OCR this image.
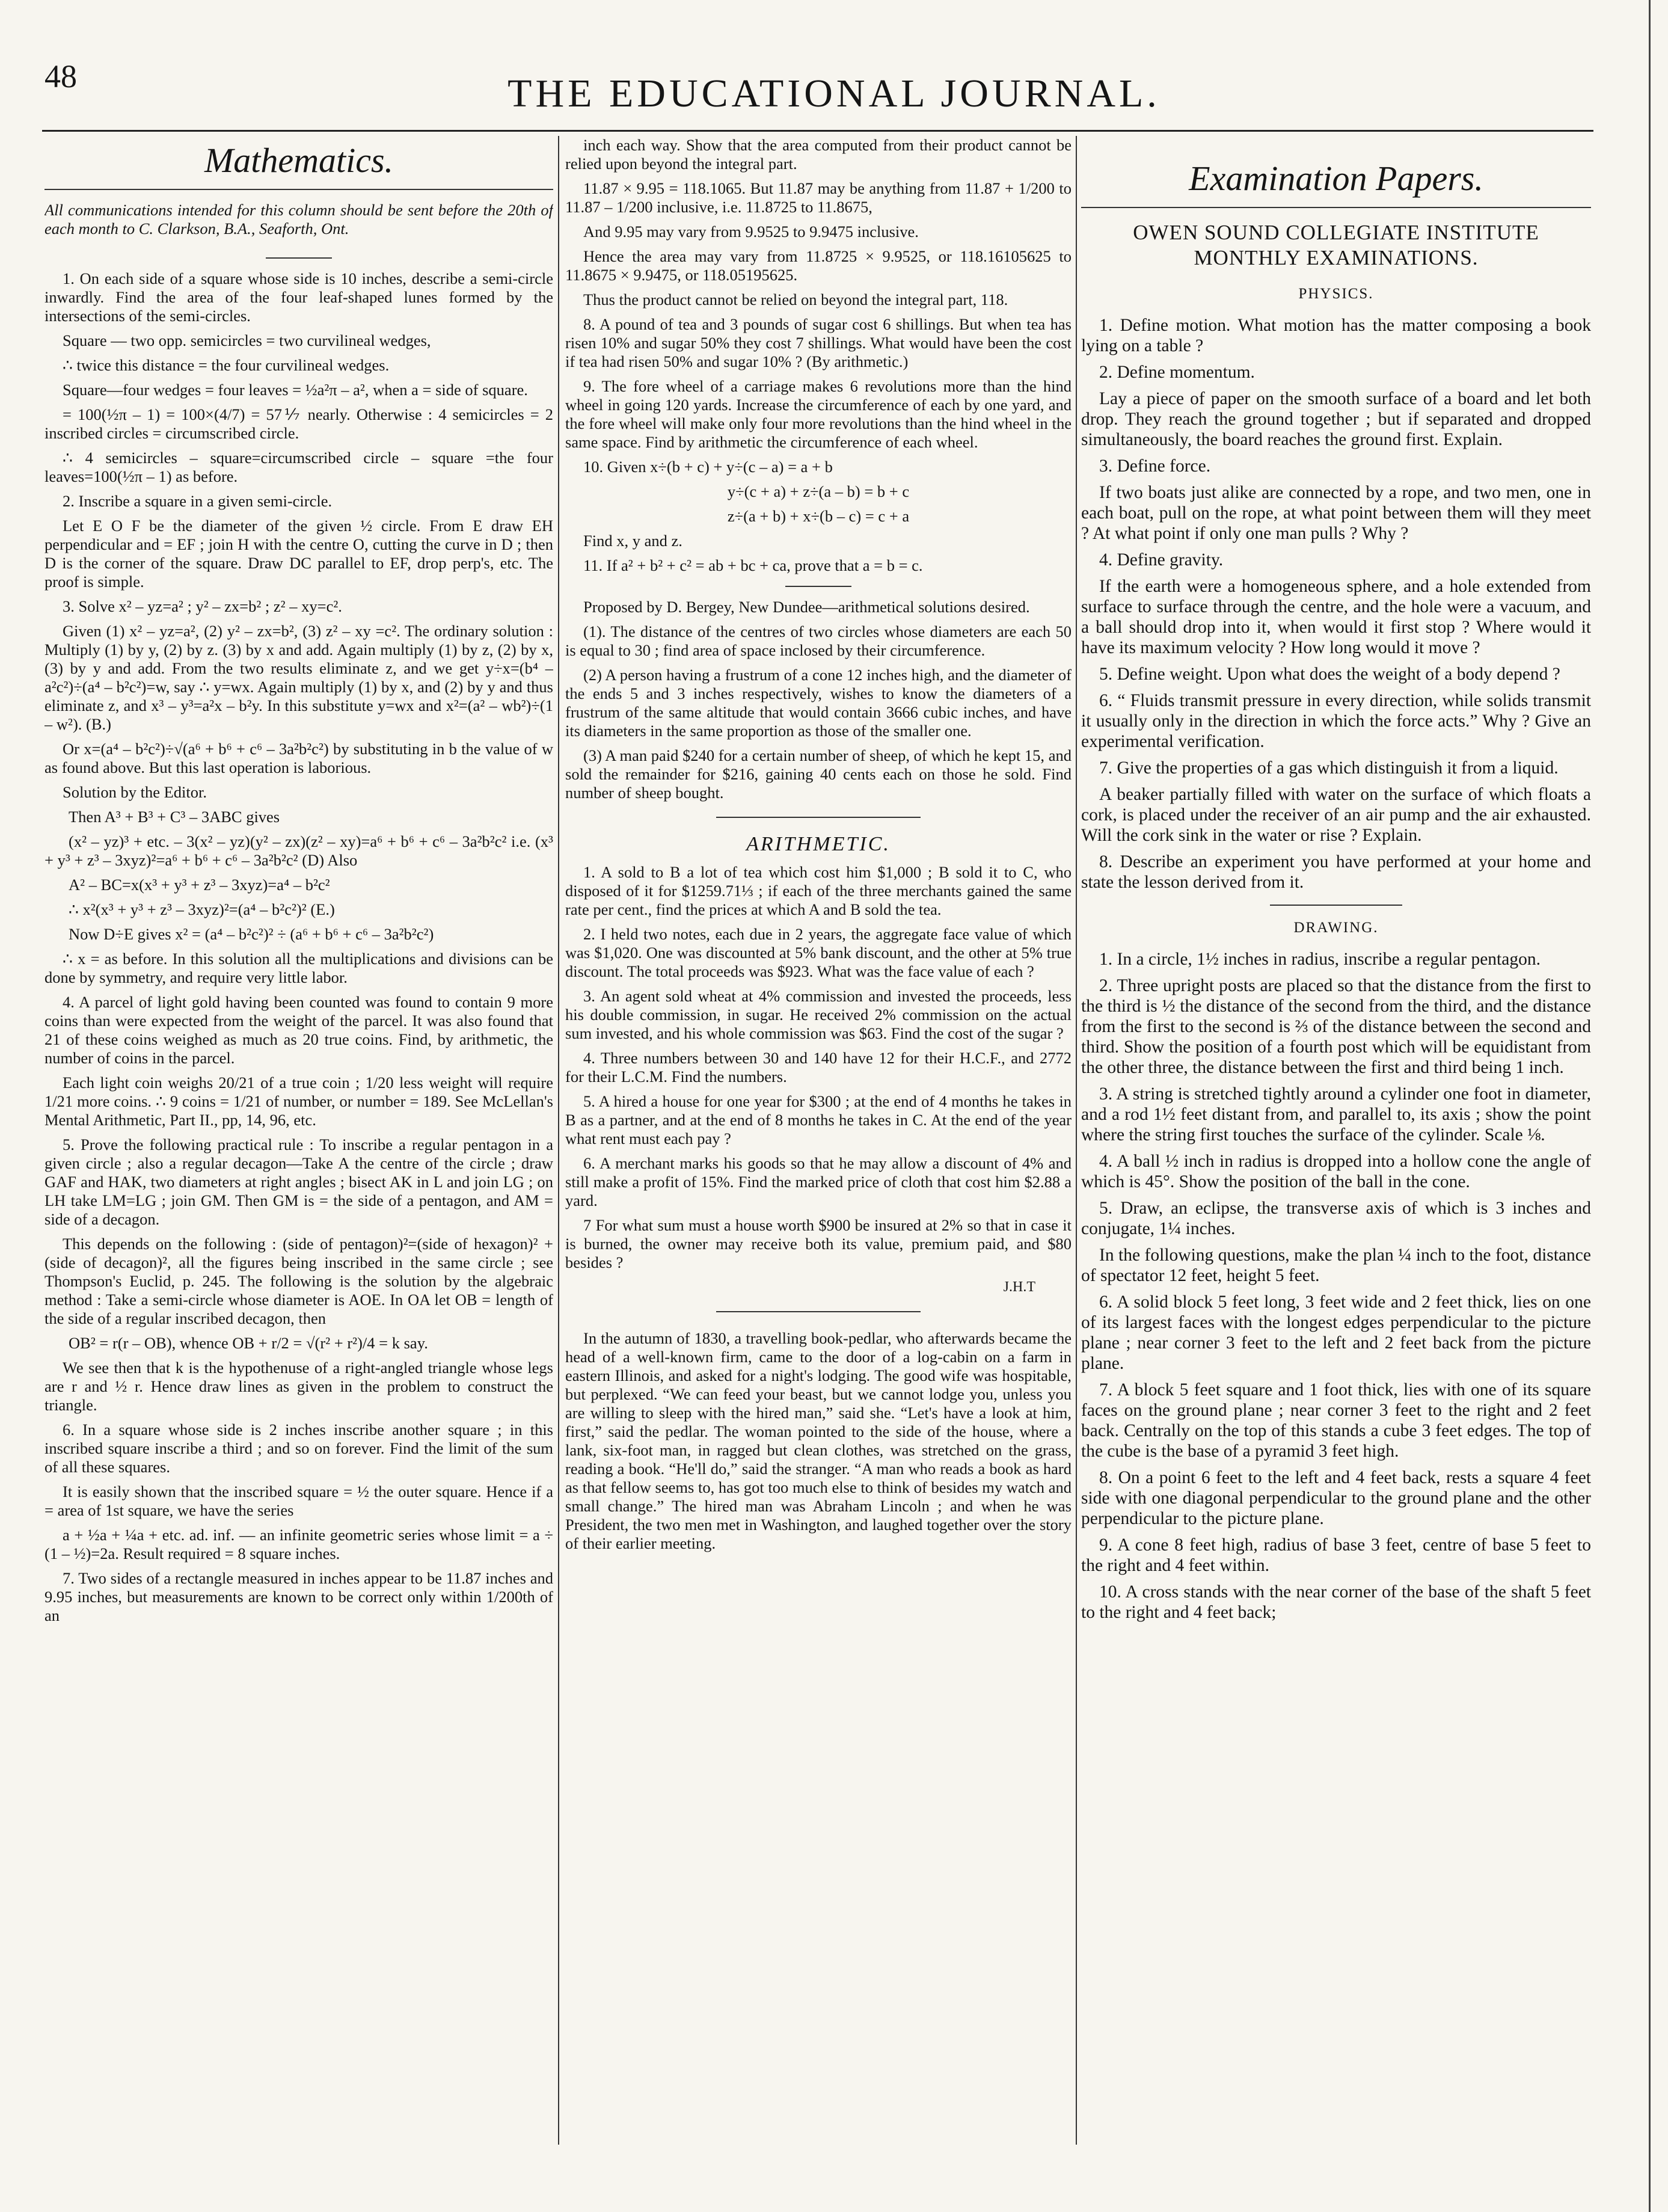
48	THE EDUCATIONAL JOURNAL.
Mathematics.
All communications intended for this column should be sent before the 20th of each month to C. Clarkson, B.A., Seaforth, Ont.

1. On each side of a square whose side is 10 inches, describe a semi-circle inwardly. Find the area of the four leaf-shaped lunes formed by the intersections of the semi-circles.

Square — two opp. semicircles = two curvilineal wedges,

∴ twice this distance = the four curvilineal wedges.

Square—four wedges = four leaves = ½a²π – a², when a = side of square.

= 100(½π – 1) = 100×(4/7) = 57⅐ nearly. Otherwise : 4 semicircles = 2 inscribed circles = circumscribed circle.

∴ 4 semicircles – square=circumscribed circle – square =the four leaves=100(½π – 1) as before.

2. Inscribe a square in a given semi-circle.

Let E O F be the diameter of the given ½ circle. From E draw EH perpendicular and = EF ; join H with the centre O, cutting the curve in D ; then D is the corner of the square. Draw DC parallel to EF, drop perp's, etc. The proof is simple.

3. Solve x² – yz=a² ; y² – zx=b² ; z² – xy=c².

Given (1) x² – yz=a², (2) y² – zx=b², (3) z² – xy =c². The ordinary solution : Multiply (1) by y, (2) by z. (3) by x and add. Again multiply (1) by z, (2) by x, (3) by y and add. From the two results eliminate z, and we get y÷x=(b⁴ – a²c²)÷(a⁴ – b²c²)=w, say ∴ y=wx. Again multiply (1) by x, and (2) by y and thus eliminate z, and x³ – y³=a²x – b²y. In this substitute y=wx and x²=(a² – wb²)÷(1 – w²). (B.)

Or x=(a⁴ – b²c²)÷√(a⁶ + b⁶ + c⁶ – 3a²b²c²) by substituting in b the value of w as found above. But this last operation is laborious.

Solution by the Editor.

Then A³ + B³ + C³ – 3ABC gives

(x² – yz)³ + etc. – 3(x² – yz)(y² – zx)(z² – xy)=a⁶ + b⁶ + c⁶ – 3a²b²c² i.e. (x³ + y³ + z³ – 3xyz)²=a⁶ + b⁶ + c⁶ – 3a²b²c² (D) Also

A² – BC=x(x³ + y³ + z³ – 3xyz)=a⁴ – b²c²

∴ x²(x³ + y³ + z³ – 3xyz)²=(a⁴ – b²c²)² (E.)

Now D÷E gives x² = (a⁴ – b²c²)² ÷ (a⁶ + b⁶ + c⁶ – 3a²b²c²)

∴ x = as before. In this solution all the multiplications and divisions can be done by symmetry, and require very little labor.

4. A parcel of light gold having been counted was found to contain 9 more coins than were expected from the weight of the parcel. It was also found that 21 of these coins weighed as much as 20 true coins. Find, by arithmetic, the number of coins in the parcel.

Each light coin weighs 20/21 of a true coin ; 1/20 less weight will require 1/21 more coins. ∴ 9 coins = 1/21 of number, or number = 189. See McLellan's Mental Arithmetic, Part II., pp, 14, 96, etc.

5. Prove the following practical rule : To inscribe a regular pentagon in a given circle ; also a regular decagon—Take A the centre of the circle ; draw GAF and HAK, two diameters at right angles ; bisect AK in L and join LG ; on LH take LM=LG ; join GM. Then GM is = the side of a pentagon, and AM = side of a decagon.

This depends on the following : (side of pentagon)²=(side of hexagon)² + (side of decagon)², all the figures being inscribed in the same circle ; see Thompson's Euclid, p. 245. The following is the solution by the algebraic method : Take a semi-circle whose diameter is AOE. In OA let OB = length of the side of a regular inscribed decagon, then

OB² = r(r – OB), whence OB + r/2 = √(r² + r²)/4 = k say.

We see then that k is the hypothenuse of a right-angled triangle whose legs are r and ½ r. Hence draw lines as given in the problem to construct the triangle.

6. In a square whose side is 2 inches inscribe another square ; in this inscribed square inscribe a third ; and so on forever. Find the limit of the sum of all these squares.

It is easily shown that the inscribed square = ½ the outer square. Hence if a = area of 1st square, we have the series

a + ½a + ¼a + etc. ad. inf. — an infinite geometric series whose limit = a ÷ (1 – ½)=2a. Result required = 8 square inches.

7. Two sides of a rectangle measured in inches appear to be 11.87 inches and 9.95 inches, but measurements are known to be correct only within 1/200th of an

inch each way. Show that the area computed from their product cannot be relied upon beyond the integral part.

11.87 × 9.95 = 118.1065. But 11.87 may be anything from 11.87 + 1/200 to 11.87 – 1/200 inclusive, i.e. 11.8725 to 11.8675,

And 9.95 may vary from 9.9525 to 9.9475 inclusive.

Hence the area may vary from 11.8725 × 9.9525, or 118.16105625 to 11.8675 × 9.9475, or 118.05195625.

Thus the product cannot be relied on beyond the integral part, 118.

8. A pound of tea and 3 pounds of sugar cost 6 shillings. But when tea has risen 10% and sugar 50% they cost 7 shillings. What would have been the cost if tea had risen 50% and sugar 10% ? (By arithmetic.)

9. The fore wheel of a carriage makes 6 revolutions more than the hind wheel in going 120 yards. Increase the circumference of each by one yard, and the fore wheel will make only four more revolutions than the hind wheel in the same space. Find by arithmetic the circumference of each wheel.

10. Given x÷(b + c) + y÷(c – a) = a + b

y÷(c + a) + z÷(a – b) = b + c

z÷(a + b) + x÷(b – c) = c + a

Find x, y and z.

11. If a² + b² + c² = ab + bc + ca, prove that a = b = c.

Proposed by D. Bergey, New Dundee—arithmetical solutions desired.

(1). The distance of the centres of two circles whose diameters are each 50 is equal to 30 ; find area of space inclosed by their circumference.

(2) A person having a frustrum of a cone 12 inches high, and the diameter of the ends 5 and 3 inches respectively, wishes to know the diameters of a frustrum of the same altitude that would contain 3666 cubic inches, and have its diameters in the same proportion as those of the smaller one.

(3) A man paid $240 for a certain number of sheep, of which he kept 15, and sold the remainder for $216, gaining 40 cents each on those he sold. Find number of sheep bought.

ARITHMETIC.

1. A sold to B a lot of tea which cost him $1,000 ; B sold it to C, who disposed of it for $1259.71⅓ ; if each of the three merchants gained the same rate per cent., find the prices at which A and B sold the tea.

2. I held two notes, each due in 2 years, the aggregate face value of which was $1,020. One was discounted at 5% bank discount, and the other at 5% true discount. The total proceeds was $923. What was the face value of each ?

3. An agent sold wheat at 4% commission and invested the proceeds, less his double commission, in sugar. He received 2% commission on the actual sum invested, and his whole commission was $63. Find the cost of the sugar ?

4. Three numbers between 30 and 140 have 12 for their H.C.F., and 2772 for their L.C.M. Find the numbers.

5. A hired a house for one year for $300 ; at the end of 4 months he takes in B as a partner, and at the end of 8 months he takes in C. At the end of the year what rent must each pay ?

6. A merchant marks his goods so that he may allow a discount of 4% and still make a profit of 15%. Find the marked price of cloth that cost him $2.88 a yard.

7 For what sum must a house worth $900 be insured at 2% so that in case it is burned, the owner may receive both its value, premium paid, and $80 besides ?

J.H.T

In the autumn of 1830, a travelling book-pedlar, who afterwards became the head of a well-known firm, came to the door of a log-cabin on a farm in eastern Illinois, and asked for a night's lodging. The good wife was hospitable, but perplexed. “We can feed your beast, but we cannot lodge you, unless you are willing to sleep with the hired man,” said she. “Let's have a look at him, first,” said the pedlar. The woman pointed to the side of the house, where a lank, six-foot man, in ragged but clean clothes, was stretched on the grass, reading a book. “He'll do,” said the stranger. “A man who reads a book as hard as that fellow seems to, has got too much else to think of besides my watch and small change.” The hired man was Abraham Lincoln ; and when he was President, the two men met in Washington, and laughed together over the story of their earlier meeting.

Examination Papers.
OWEN SOUND COLLEGIATE INSTITUTE MONTHLY EXAMINATIONS.
PHYSICS.

1. Define motion. What motion has the matter composing a book lying on a table ?

2. Define momentum.

Lay a piece of paper on the smooth surface of a board and let both drop. They reach the ground together ; but if separated and dropped simultaneously, the board reaches the ground first. Explain.

3. Define force.

If two boats just alike are connected by a rope, and two men, one in each boat, pull on the rope, at what point between them will they meet ? At what point if only one man pulls ? Why ?

4. Define gravity.

If the earth were a homogeneous sphere, and a hole extended from surface to surface through the centre, and the hole were a vacuum, and a ball should drop into it, when would it first stop ? Where would it have its maximum velocity ? How long would it move ?

5. Define weight. Upon what does the weight of a body depend ?

6. “ Fluids transmit pressure in every direction, while solids transmit it usually only in the direction in which the force acts.” Why ? Give an experimental verification.

7. Give the properties of a gas which distinguish it from a liquid.

A beaker partially filled with water on the surface of which floats a cork, is placed under the receiver of an air pump and the air exhausted. Will the cork sink in the water or rise ? Explain.

8. Describe an experiment you have performed at your home and state the lesson derived from it.

DRAWING.

1. In a circle, 1½ inches in radius, inscribe a regular pentagon.

2. Three upright posts are placed so that the distance from the first to the third is ½ the distance of the second from the third, and the distance from the first to the second is ⅔ of the distance between the second and third. Show the position of a fourth post which will be equidistant from the other three, the distance between the first and third being 1 inch.

3. A string is stretched tightly around a cylinder one foot in diameter, and a rod 1½ feet distant from, and parallel to, its axis ; show the point where the string first touches the surface of the cylinder. Scale ⅛.

4. A ball ½ inch in radius is dropped into a hollow cone the angle of which is 45°. Show the position of the ball in the cone.

5. Draw, an eclipse, the transverse axis of which is 3 inches and conjugate, 1¼ inches.

In the following questions, make the plan ¼ inch to the foot, distance of spectator 12 feet, height 5 feet.

6. A solid block 5 feet long, 3 feet wide and 2 feet thick, lies on one of its largest faces with the longest edges perpendicular to the picture plane ; near corner 3 feet to the left and 2 feet back from the picture plane.

7. A block 5 feet square and 1 foot thick, lies with one of its square faces on the ground plane ; near corner 3 feet to the right and 2 feet back. Centrally on the top of this stands a cube 3 feet edges. The top of the cube is the base of a pyramid 3 feet high.

8. On a point 6 feet to the left and 4 feet back, rests a square 4 feet side with one diagonal perpendicular to the ground plane and the other perpendicular to the picture plane.

9. A cone 8 feet high, radius of base 3 feet, centre of base 5 feet to the right and 4 feet within.

10. A cross stands with the near corner of the base of the shaft 5 feet to the right and 4 feet back;
